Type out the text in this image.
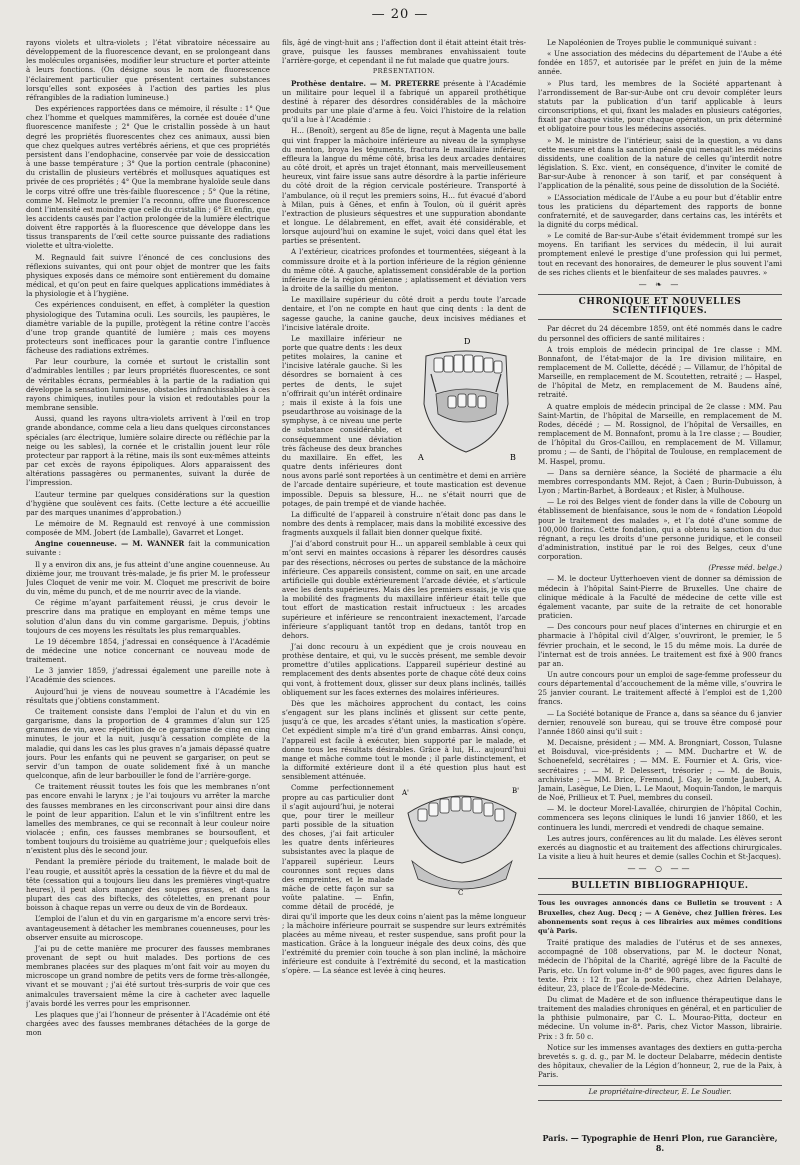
— 20 —

rayons violets et ultra-violets ; l’état vibratoire nécessaire au développement de la fluorescence devant, en se prolongeant dans les molécules organisées, modifier leur structure et porter atteinte à leurs fonctions. (On désigne sous le nom de fluorescence l’éclairement particulier que présentent certaines substances lorsqu’elles sont exposées à l’action des parties les plus réfrangibles de la radiation lumineuse.)

Des expériences rapportées dans ce mémoire, il résulte : 1° Que chez l’homme et quelques mammifères, la cornée est douée d’une fluorescence manifeste ; 2° Que le cristallin possède à un haut degré les propriétés fluorescentes chez ces animaux, aussi bien que chez quelques autres vertébrés aériens, et que ces propriétés persistent dans l’endophacine, conservée par voie de dessiccation à une basse température ; 3° Que la portion centrale (phaconine) du cristallin de plusieurs vertébrés et mollusques aquatiques est privée de ces propriétés ; 4° Que la membrane hyaloïde seule dans le corps vitré offre une très-faible fluorescence ; 5° Que la rétine, comme M. Helmotz le premier l’a reconnu, offre une fluorescence dont l’intensité est moindre que celle du cristallin ; 6° Et enfin, que les accidents causés par l’action prolongée de la lumière électrique doivent être rapportés à la fluorescence que développe dans les tissus transparents de l’œil cette source puissante des radiations violette et ultra-violette.

M. Regnauld fait suivre l’énoncé de ces conclusions des réflexions suivantes, qui ont pour objet de montrer que les faits physiques exposés dans ce mémoire sont entièrement du domaine médical, et qu’on peut en faire quelques applications immédiates à la physiologie et à l’hygiène.

Ces expériences conduisent, en effet, à compléter la question physiologique des Tutamina oculi. Les sourcils, les paupières, le diamètre variable de la pupille, protègent la rétine contre l’accès d’une trop grande quantité de lumière ; mais ces moyens protecteurs sont inefficaces pour la garantie contre l’influence fâcheuse des radiations extrêmes.

Par leur courbure, la cornée et surtout le cristallin sont d’admirables lentilles ; par leurs propriétés fluorescentes, ce sont de véritables écrans, perméables à la partie de la radiation qui développe la sensation lumineuse, obstacles infranchissables à ces rayons chimiques, inutiles pour la vision et redoutables pour la membrane sensible.

Aussi, quand les rayons ultra-violets arrivent à l’œil en trop grande abondance, comme cela a lieu dans quelques circonstances spéciales (arc électrique, lumière solaire directe ou réfléchie par la neige ou les sables), la cornée et le cristallin jouent leur rôle protecteur par rapport à la rétine, mais ils sont eux-mêmes atteints par cet excès de rayons épipoliques. Alors apparaissent des altérations passagères ou permanentes, suivant la durée de l’impression.

L’auteur termine par quelques considérations sur la question d’hygiène que soulèvent ces faits. (Cette lecture a été accueillie par des marques unanimes d’approbation.)

Le mémoire de M. Regnauld est renvoyé à une commission composée de MM. Jobert (de Lamballe), Gavarret et Longet.

Angine couenneuse. — M. WANNER fait la communication suivante :

Il y a environ dix ans, je fus atteint d’une angine couenneuse. Au dixième jour, me trouvant très-malade, je fis prier M. le professeur Jules Cloquet de venir me voir. M. Cloquet me prescrivit de boire du vin, même du punch, et de me nourrir avec de la viande.

Ce régime m’ayant parfaitement réussi, je crus devoir le prescrire dans ma pratique en employant en même temps une solution d’alun dans du vin comme gargarisme. Depuis, j’obtins toujours de ces moyens les résultats les plus remarquables.

Le 19 décembre 1854, j’adressai en conséquence à l’Académie de médecine une notice concernant ce nouveau mode de traitement.

Le 3 janvier 1859, j’adressai également une pareille note à l’Académie des sciences.

Aujourd’hui je viens de nouveau soumettre à l’Académie les résultats que j’obtiens constamment.

Ce traitement consiste dans l’emploi de l’alun et du vin en gargarisme, dans la proportion de 4 grammes d’alun sur 125 grammes de vin, avec répétition de ce gargarisme de cinq en cinq minutes, le jour et la nuit, jusqu’à cessation complète de la maladie, qui dans les cas les plus graves n’a jamais dépassé quatre jours. Pour les enfants qui ne peuvent se gargariser, on peut se servir d’un tampon de ouate solidement fixé à un manche quelconque, afin de leur barbouiller le fond de l’arrière-gorge.

Ce traitement réussit toutes les fois que les membranes n’ont pas encore envahi le larynx ; je l’ai toujours vu arrêter la marche des fausses membranes en les circonscrivant pour ainsi dire dans le point de leur apparition. L’alun et le vin s’infiltrent entre les lamelles des membranes, ce qui se reconnaît à leur couleur noire violacée ; enfin, ces fausses membranes se boursouflent, et tombent toujours du troisième au quatrième jour ; quelquefois elles n’existent plus dès le second jour.

Pendant la première période du traitement, le malade boit de l’eau rougie, et aussitôt après la cessation de la fièvre et du mal de tête (cessation qui a toujours lieu dans les premières vingt-quatre heures), il peut alors manger des soupes grasses, et dans la plupart des cas des biftecks, des côtelettes, en prenant pour boisson à chaque repas un verre ou deux de vin de Bordeaux.

L’emploi de l’alun et du vin en gargarisme m’a encore servi très-avantageusement à détacher les membranes couenneuses, pour les observer ensuite au microscope.

J’ai pu de cette manière me procurer des fausses membranes provenant de sept ou huit malades. Des portions de ces membranes placées sur des plaques m’ont fait voir au moyen du microscope un grand nombre de petits vers de forme très-allongée, vivant et se mouvant ; j’ai été surtout très-surpris de voir que ces animalcules traversaient même la cire à cacheter avec laquelle j’avais bordé les verres pour les emprisonner.

Les plaques que j’ai l’honneur de présenter à l’Académie ont été chargées avec des fausses membranes détachées de la gorge de mon

fils, âgé de vingt-huit ans ; l’affection dont il était atteint était très-grave, puisque les fausses membranes envahissaient toute l’arrière-gorge, et cependant il ne fut malade que quatre jours.

PRÉSENTATION.

Prothèse dentaire. — M. PRETERRE présente à l’Académie un militaire pour lequel il a fabriqué un appareil prothétique destiné à réparer des désordres considérables de la mâchoire produits par une plaie d’arme à feu. Voici l’histoire de la relation qu’il a lue à l’Académie :

H... (Benoît), sergent au 85e de ligne, reçut à Magenta une balle qui vint frapper la mâchoire inférieure au niveau de la symphyse du menton, broya les téguments, fractura le maxillaire inférieur, effleura la langue du même côté, brisa les deux arcades dentaires au côté droit, et après un trajet étonnant, mais merveilleusement heureux, vint faire issue sans autre désordre à la partie inférieure du côté droit de la région cervicale postérieure. Transporté à l’ambulance, où il reçut les premiers soins, H... fut évacué d’abord à Milan, puis à Gênes, et enfin à Toulon, où il guérit après l’extraction de plusieurs séquestres et une suppuration abondante et longue. Le délabrement, en effet, avait été considérable, et lorsque aujourd’hui on examine le sujet, voici dans quel état les parties se présentent.

A l’extérieur, cicatrices profondes et tourmentées, siégeant à la commissure droite et à la portion inférieure de la région génienne du même côté. A gauche, aplatissement considérable de la portion inférieure de la région génienne ; aplatissement et déviation vers la droite de la saillie du menton.

Le maxillaire supérieur du côté droit a perdu toute l’arcade dentaire, et l’on ne compte en haut que cinq dents : la dent de sagesse gauche, la canine gauche, deux incisives médianes et l’incisive latérale droite.

D
A	B

Le maxillaire inférieur ne porte que quatre dents : les deux petites molaires, la canine et l’incisive latérale gauche. Si les désordres se bornaient à ces pertes de dents, le sujet n’offrirait qu’un intérêt ordinaire ; mais il existe à la fois une pseudarthrose au voisinage de la symphyse, à ce niveau une perte de substance considérable, et conséquemment une déviation très fâcheuse des deux branches du maxillaire. En effet, les quatre dents inférieures dont nous avons parlé sont reportées à un centimètre et demi en arrière de l’arcade dentaire supérieure, et toute mastication est devenue impossible. Depuis sa blessure, H... ne s’était nourri que de potages, de pain trempé et de viande hachée.

La difficulté de l’appareil à construire n’était donc pas dans le nombre des dents à remplacer, mais dans la mobilité excessive des fragments auxquels il fallait bien donner quelque fixité.

J’ai d’abord construit pour H... un appareil semblable à ceux qui m’ont servi en maintes occasions à réparer les désordres causés par des résections, nécroses ou pertes de substance de la mâchoire inférieure. Ces appareils consistent, comme on sait, en une arcade artificielle qui double extérieurement l’arcade déviée, et s’articule avec les dents supérieures. Mais dès les premiers essais, je vis que la mobilité des fragments du maxillaire inférieur était telle que tout effort de mastication restait infructueux : les arcades supérieure et inférieure se rencontraient inexactement, l’arcade inférieure s’appliquant tantôt trop en dedans, tantôt trop en dehors.

J’ai donc recouru à un expédient que je crois nouveau en prothèse dentaire, et qui, vu le succès présent, me semble devoir promettre d’utiles applications. L’appareil supérieur destiné au remplacement des dents absentes porte de chaque côté deux coins qui vont, à frottement doux, glisser sur deux plans inclinés, taillés obliquement sur les faces externes des molaires inférieures.

Dès que les mâchoires approchent du contact, les coins s’engagent sur les plans inclinés et glissent sur cette pente, jusqu’à ce que, les arcades s’étant unies, la mastication s’opère. Cet expédient simple m’a tiré d’un grand embarras. Ainsi conçu, l’appareil est facile à exécuter, bien supporté par le malade, et donne tous les résultats désirables. Grâce à lui, H... aujourd’hui mange et mâche comme tout le monde ; il parle distinctement, et la difformité extérieure dont il a été question plus haut est sensiblement atténuée.

A'	B'
C

Comme perfectionnement propre au cas particulier dont il s’agit aujourd’hui, je noterai que, pour tirer le meilleur parti possible de la situation des choses, j’ai fait articuler les quatre dents inférieures subsistantes avec la plaque de l’appareil supérieur. Leurs couronnes sont reçues dans des empreintes, et le malade mâche de cette façon sur sa voûte palatine. — Enfin, comme détail de procédé, je dirai qu’il importe que les deux coins n’aient pas la même longueur ; la mâchoire inférieure pourrait se suspendre sur leurs extrémités placées au même niveau, et rester suspendue, sans profit pour la mastication. Grâce à la longueur inégale des deux coins, dès que l’extrémité du premier coin touche à son plan incliné, la mâchoire inférieure est conduite à l’extrémité du second, et la mastication s’opère. — La séance est levée à cinq heures.

Le Napoléonien de Troyes publie le communiqué suivant :

« Une association des médecins du département de l’Aube a été fondée en 1857, et autorisée par le préfet en juin de la même année.

» Plus tard, les membres de la Société appartenant à l’arrondissement de Bar-sur-Aube ont cru devoir compléter leurs statuts par la publication d’un tarif applicable à leurs circonscriptions, et qui, fixant les malades en plusieurs catégories, fixait par chaque visite, pour chaque opération, un prix déterminé et obligatoire pour tous les médecins associés.

» M. le ministre de l’intérieur, saisi de la question, a vu dans cette mesure et dans la sanction pénale qui menaçait les médecins dissidents, une coalition de la nature de celles qu’interdit notre législation. S. Exc. vient, en conséquence, d’inviter le comité de Bar-sur-Aube à renoncer à son tarif, et par conséquent à l’application de la pénalité, sous peine de dissolution de la Société.

» L’Association médicale de l’Aube a eu pour but d’établir entre tous les praticiens du département des rapports de bonne confraternité, et de sauvegarder, dans certains cas, les intérêts et la dignité du corps médical.

» Le comité de Bar-sur-Aube s’était évidemment trompé sur les moyens. En tarifiant les services du médecin, il lui aurait promptement enlevé le prestige d’une profession qui lui permet, tout en recevant des honoraires, de demeurer le plus souvent l’ami de ses riches clients et le bienfaiteur de ses malades pauvres. »

— ❧ —
CHRONIQUE ET NOUVELLES SCIENTIFIQUES.

Par décret du 24 décembre 1859, ont été nommés dans le cadre du personnel des officiers de santé militaires :

A trois emplois de médecin principal de 1re classe : MM. Bonnafont, de l’état-major de la 1re division militaire, en remplacement de M. Collette, décédé ; — Villamur, de l’hôpital de Marseille, en remplacement de M. Scoutetten, retraité ; — Haspel, de l’hôpital de Metz, en remplacement de M. Baudens aîné, retraité.

A quatre emplois de médecin principal de 2e classe : MM. Pau Saint-Martin, de l’hôpital de Marseille, en remplacement de M. Rodes, décédé ; — M. Rossignol, de l’hôpital de Versailles, en remplacement de M. Bonnafont, promu à la 1re classe ; — Boudier, de l’hôpital du Gros-Caillou, en remplacement de M. Villamur, promu ; — de Santi, de l’hôpital de Toulouse, en remplacement de M. Haspel, promu.

— Dans sa dernière séance, la Société de pharmacie a élu membres correspondants MM. Rejot, à Caen ; Burin-Dubuisson, à Lyon ; Martin-Barbet, à Bordeaux ; et Risler, à Mulhouse.

— Le roi des Belges vient de fonder dans la ville de Cobourg un établissement de bienfaisance, sous le nom de « fondation Léopold pour le traitement des malades », et l’a doté d’une somme de 100,000 florins. Cette fondation, qui a obtenu la sanction du duc régnant, a reçu les droits d’une personne juridique, et le conseil d’administration, institué par le roi des Belges, ceux d’une corporation.

(Presse méd. belge.)

— M. le docteur Uytterhoeven vient de donner sa démission de médecin à l’hôpital Saint-Pierre de Bruxelles. Une chaire de clinique médicale à la Faculté de médecine de cette ville est également vacante, par suite de la retraite de cet honorable praticien.

— Des concours pour neuf places d’internes en chirurgie et en pharmacie à l’hôpital civil d’Alger, s’ouvriront, le premier, le 5 février prochain, et le second, le 15 du même mois. La durée de l’internat est de trois années. Le traitement est fixé à 900 francs par an.

Un autre concours pour un emploi de sage-femme professeur du cours départemental d’accouchement de la même ville, s’ouvrira le 25 janvier courant. Le traitement affecté à l’emploi est de 1,200 francs.

— La Société botanique de France a, dans sa séance du 6 janvier dernier, renouvelé son bureau, qui se trouve être composé pour l’année 1860 ainsi qu’il suit :

M. Decaisne, président ; — MM. A. Brongniart, Cosson, Tulasne et Boisduval, vice-présidents ; — MM. Duchartre et W. de Schoenefeld, secrétaires ; — MM. E. Fournier et A. Gris, vice-secrétaires ; — M. P. Delessert, trésorier ; — M. de Bouis, archiviste ; — MM. Brice, Fremond, J. Gay, le comte Jaubert, A. Jamain, Lasègue, Le Dien, L. Le Maout, Moquin-Tandon, le marquis de Noé, Prillieux et T. Puel, membres du conseil.

— M. le docteur Morel-Lavallée, chirurgien de l’hôpital Cochin, commencera ses leçons cliniques le lundi 16 janvier 1860, et les continuera les lundi, mercredi et vendredi de chaque semaine.

Les autres jours, conférences au lit du malade. Les élèves seront exercés au diagnostic et au traitement des affections chirurgicales. La visite a lieu à huit heures et demie (salles Cochin et St-Jacques).

—— ○ ——
BULLETIN BIBLIOGRAPHIQUE.

Tous les ouvrages annoncés dans ce Bulletin se trouvent : A Bruxelles, chez Aug. Decq ; — A Genève, chez Jullien frères. Les abonnements sont reçus à ces librairies aux mêmes conditions qu’à Paris.

Traité pratique des maladies de l’utérus et de ses annexes, accompagné de 108 observations, par M. le docteur Nonat, médecin de l’hôpital de la Charité, agrégé libre de la Faculté de Paris, etc. Un fort volume in-8° de 900 pages, avec figures dans le texte. Prix : 12 fr. par la poste. Paris, chez Adrien Delahaye, éditeur, 23, place de l’École-de-Médecine.

Du climat de Madère et de son influence thérapeutique dans le traitement des maladies chroniques en général, et en particulier de la phthisie pulmonaire, par C. L. Mourao-Pitta, docteur en médecine. Un volume in-8°. Paris, chez Victor Masson, librairie. Prix : 3 fr. 50 c.

Notice sur les immenses avantages des dextiers en gutta-percha brevetés s. g. d. g., par M. le docteur Delabarre, médecin dentiste des hôpitaux, chevalier de la Légion d’honneur, 2, rue de la Paix, à Paris.

Le propriétaire-directeur, E. Le Soudier.
Paris. — Typographie de Henri Plon, rue Garancière, 8.
